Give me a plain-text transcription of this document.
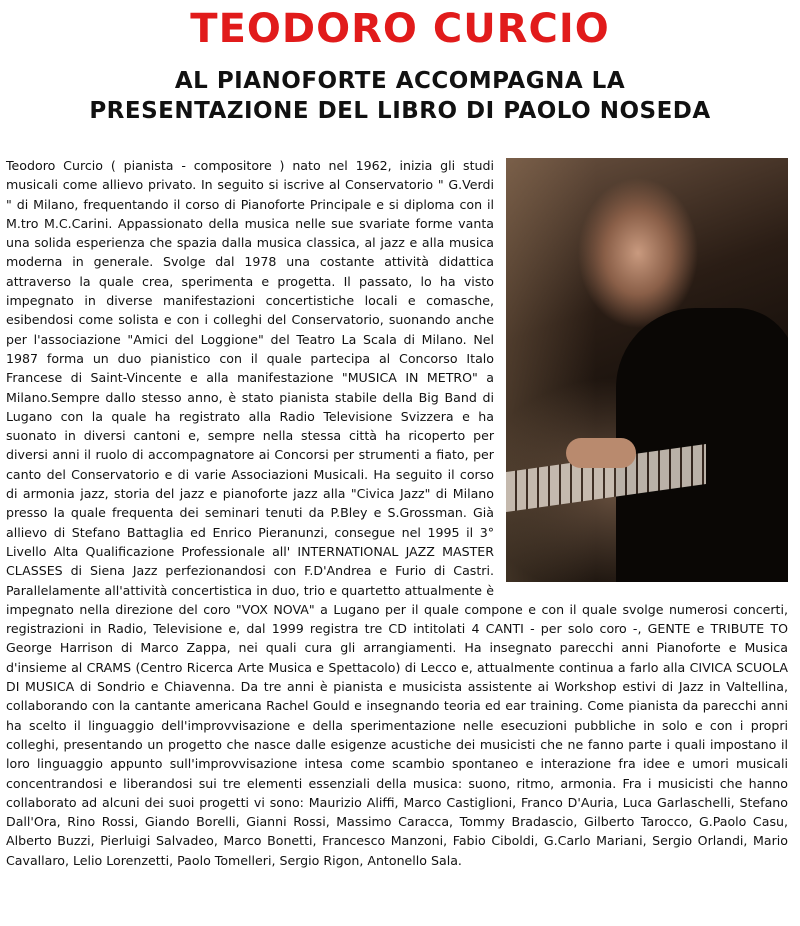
TEODORO CURCIO
AL PIANOFORTE ACCOMPAGNA LA
PRESENTAZIONE DEL LIBRO DI PAOLO NOSEDA

Teodoro Curcio ( pianista - compositore ) nato nel 1962, inizia gli studi musicali come allievo privato. In seguito si iscrive al Conservatorio " G.Verdi " di Milano, frequentando il corso di Pianoforte Principale e si diploma con il M.tro M.C.Carini. Appassionato della musica nelle sue svariate forme vanta una solida esperienza che spazia dalla musica classica, al jazz e alla musica moderna in generale. Svolge dal 1978 una costante attività didattica attraverso la quale crea, sperimenta e progetta. Il passato, lo ha visto impegnato in diverse manifestazioni concertistiche locali e comasche, esibendosi come solista e con i colleghi del Conservatorio, suonando anche per l'associazione "Amici del Loggione" del Teatro La Scala di Milano. Nel 1987 forma un duo pianistico con il quale partecipa al Concorso Italo Francese di Saint-Vincente e alla manifestazione "MUSICA IN METRO" a Milano.Sempre dallo stesso anno, è stato pianista stabile della Big Band di Lugano con la quale ha registrato alla Radio Televisione Svizzera e ha suonato in diversi cantoni e, sempre nella stessa città ha ricoperto per diversi anni il ruolo di accompagnatore ai Concorsi per strumenti a fiato, per canto del Conservatorio e di varie Associazioni Musicali. Ha seguito il corso di armonia jazz, storia del jazz e pianoforte jazz alla "Civica Jazz" di Milano presso la quale frequenta dei seminari tenuti da P.Bley e S.Grossman. Già allievo di Stefano Battaglia ed Enrico Pieranunzi, consegue nel 1995 il 3° Livello Alta Qualificazione Professionale all' INTERNATIONAL JAZZ MASTER CLASSES di Siena Jazz perfezionandosi con F.D'Andrea e Furio di Castri. Parallelamente all'attività concertistica in duo, trio e quartetto attualmente è impegnato nella direzione del coro "VOX NOVA" a Lugano per il quale compone e con il quale svolge numerosi concerti, registrazioni in Radio, Televisione e, dal 1999 registra tre CD intitolati 4 CANTI - per solo coro -, GENTE e TRIBUTE TO George Harrison di Marco Zappa, nei quali cura gli arrangiamenti. Ha insegnato parecchi anni Pianoforte e Musica d'insieme al CRAMS (Centro Ricerca Arte Musica e Spettacolo) di Lecco e, attualmente continua a farlo alla CIVICA SCUOLA DI MUSICA di Sondrio e Chiavenna. Da tre anni è pianista e musicista assistente ai Workshop estivi di Jazz in Valtellina, collaborando con la cantante americana Rachel Gould e insegnando teoria ed ear training. Come pianista da parecchi anni ha scelto il linguaggio dell'improvvisazione e della sperimentazione nelle esecuzioni pubbliche in solo e con i propri colleghi, presentando un progetto che nasce dalle esigenze acustiche dei musicisti che ne fanno parte i quali impostano il loro linguaggio appunto sull'improvvisazione intesa come scambio spontaneo e interazione fra idee e umori musicali concentrandosi e liberandosi sui tre elementi essenziali della musica: suono, ritmo, armonia. Fra i musicisti che hanno collaborato ad alcuni dei suoi progetti vi sono: Maurizio Aliffi, Marco Castiglioni, Franco D'Auria, Luca Garlaschelli, Stefano Dall'Ora, Rino Rossi, Giando Borelli, Gianni Rossi, Massimo Caracca, Tommy Bradascio, Gilberto Tarocco, G.Paolo Casu, Alberto Buzzi, Pierluigi Salvadeo, Marco Bonetti, Francesco Manzoni, Fabio Ciboldi, G.Carlo Mariani, Sergio Orlandi, Mario Cavallaro, Lelio Lorenzetti, Paolo Tomelleri, Sergio Rigon, Antonello Sala.
